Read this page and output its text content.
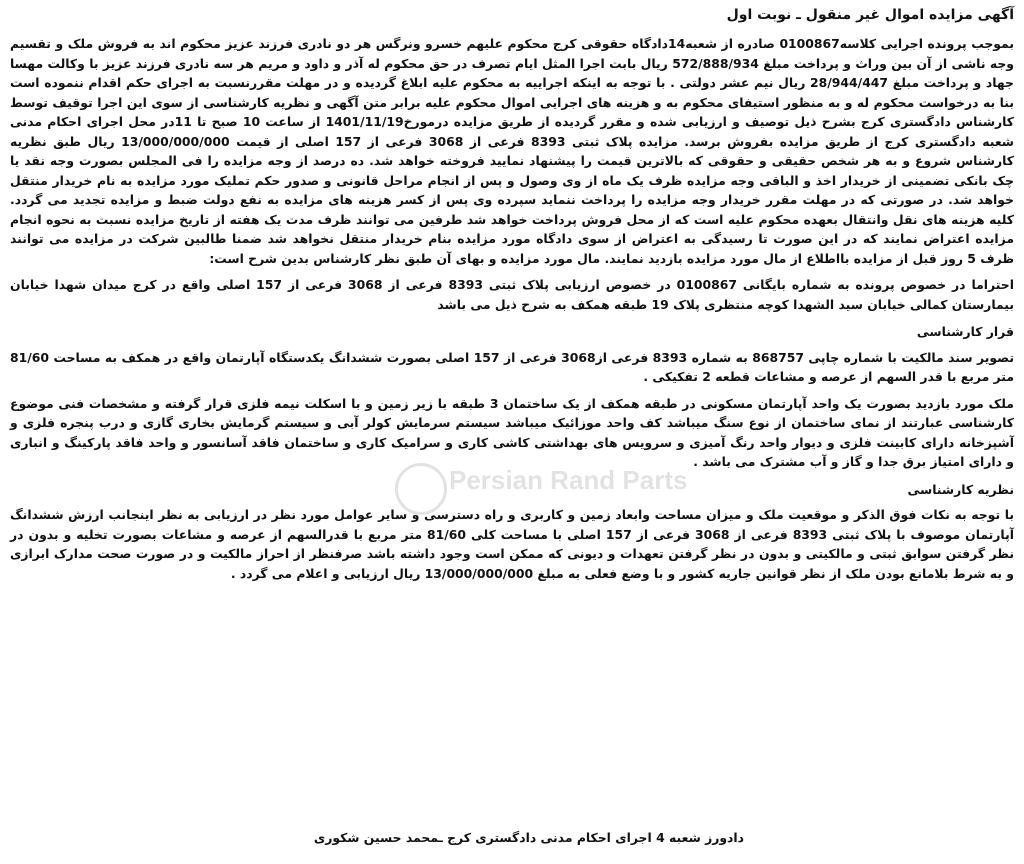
آگهی مزایده اموال غیر منقول ـ نوبت اول

بموجب پرونده اجرایی کلاسه0100867 صادره از شعبه14دادگاه حقوقی کرج محکوم علیهم خسرو ونرگس هر دو نادری فرزند عزیز محکوم اند به فروش ملک و تقسیم وجه ناشی از آن بین وراث و پرداخت مبلغ 572/888/934 ریال بابت اجرا المثل ایام تصرف در حق محکوم له آذر و داود و مریم هر سه نادری فرزند عزیز با وکالت مهسا جهاد و پرداخت مبلغ 28/944/447 ریال نیم عشر دولتی . با توجه به اینکه اجراییه به محکوم علیه ابلاغ گردیده و در مهلت مقررنسبت به اجرای حکم اقدام ننموده است بنا به درخواست محکوم له و به منظور استیفای محکوم به و هزینه های اجرایی اموال محکوم علیه برابر متن آگهی و نظریه کارشناسی از سوی این اجرا توقیف توسط کارشناس دادگستری کرج بشرح ذیل توصیف و ارزیابی شده و مقرر گردیده از طریق مزایده درمورخ1401/11/19 از ساعت 10 صبح تا 11در محل اجرای احکام مدنی شعبه دادگستری کرج از طریق مزایده بفروش برسد. مزایده پلاک ثبتی 8393 فرعی از 3068 فرعی از 157 اصلی از قیمت 13/000/000/000 ریال طبق نظریه کارشناس شروع و به هر شخص حقیقی و حقوقی که بالاترین قیمت را پیشنهاد نمایید فروخته خواهد شد. ده درصد از وجه مزایده را فی المجلس بصورت وجه نقد یا چک بانکی تضمینی از خریدار اخذ و الباقی وجه مزایده ظرف یک ماه از وی وصول و پس از انجام مراحل قانونی و صدور حکم تملیک مورد مزایده به نام خریدار منتقل خواهد شد. در صورتی که در مهلت مقرر خریدار وجه مزایده را پرداخت ننماید سپرده وی پس از کسر هزینه های مزایده به نفع دولت ضبط و مزایده تجدید می گردد. کلیه هزینه های نقل وانتقال بعهده محکوم علیه است که از محل فروش پرداخت خواهد شد طرفین می توانند ظرف مدت یک هفته از تاریخ مزایده نسبت به نحوه انجام مزایده اعتراض نمایند که در این صورت تا رسیدگی به اعتراض از سوی دادگاه مورد مزایده بنام خریدار منتقل نخواهد شد ضمنا طالبین شرکت در مزایده می توانند ظرف 5 روز قبل از مزایده بااطلاع از مال مورد مزایده بازدید نمایند. مال مورد مزایده و بهای آن طبق نظر کارشناس بدین شرح است:

احتراما در خصوص پرونده به شماره بایگانی 0100867 در خصوص ارزیابی پلاک ثبتی 8393 فرعی از 3068 فرعی از 157 اصلی واقع در کرج میدان شهدا خیابان بیمارستان کمالی خیابان سید الشهدا کوچه منتظری پلاک 19 طبقه همکف به شرح ذیل می باشد

قرار کارشناسی

تصویر سند مالکیت با شماره چاپی 868757 به شماره 8393 فرعی از3068 فرعی از 157 اصلی بصورت ششدانگ یکدستگاه آپارتمان واقع در همکف به مساحت 81/60 متر مربع با قدر السهم از عرصه و مشاعات قطعه 2 تفکیکی .

ملک مورد بازدید بصورت یک واحد آپارتمان مسکونی در طبقه همکف از یک ساختمان 3 طبقه با زیر زمین و با اسکلت نیمه فلزی قرار گرفته و مشخصات فنی موضوع کارشناسی عبارتند از نمای ساختمان از نوع سنگ میباشد کف واحد موزائیک میباشد سیستم سرمایش کولر آبی و سیستم گرمایش بخاری گازی و درب پنجره فلزی و آشپزخانه دارای کابینت فلزی و دیوار واحد رنگ آمیزی و سرویس های بهداشتی کاشی کاری و سرامیک کاری و ساختمان فاقد آسانسور و واحد فاقد پارکینگ و انباری و دارای امتیاز برق جدا و گاز و آب مشترک می باشد .

نظریه کارشناسی

با توجه به نکات فوق الذکر و موقعیت ملک و میزان مساحت وابعاد زمین و کاربری و راه دسترسی و سایر عوامل مورد نظر در ارزیابی به نظر اینجانب ارزش ششدانگ آپارتمان موصوف با پلاک ثبتی 8393 فرعی از 3068 فرعی از 157 اصلی با مساحت کلی 81/60 متر مربع با قدرالسهم از عرصه و مشاعات بصورت تخلیه و بدون در نظر گرفتن سوابق ثبتی و مالکیتی و بدون در نظر گرفتن تعهدات و دیونی که ممکن است وجود داشته باشد صرفنظر از احراز مالکیت و در صورت صحت مدارک ابرازی و به شرط بلامانع بودن ملک از نظر قوانین جاریه کشور و با وضع فعلی به مبلغ 13/000/000/000 ریال ارزیابی و اعلام می گردد .

دادورز شعبه 4 اجرای احکام مدنی دادگستری کرج ـمحمد حسین شکوری
Persian Rand Parts
